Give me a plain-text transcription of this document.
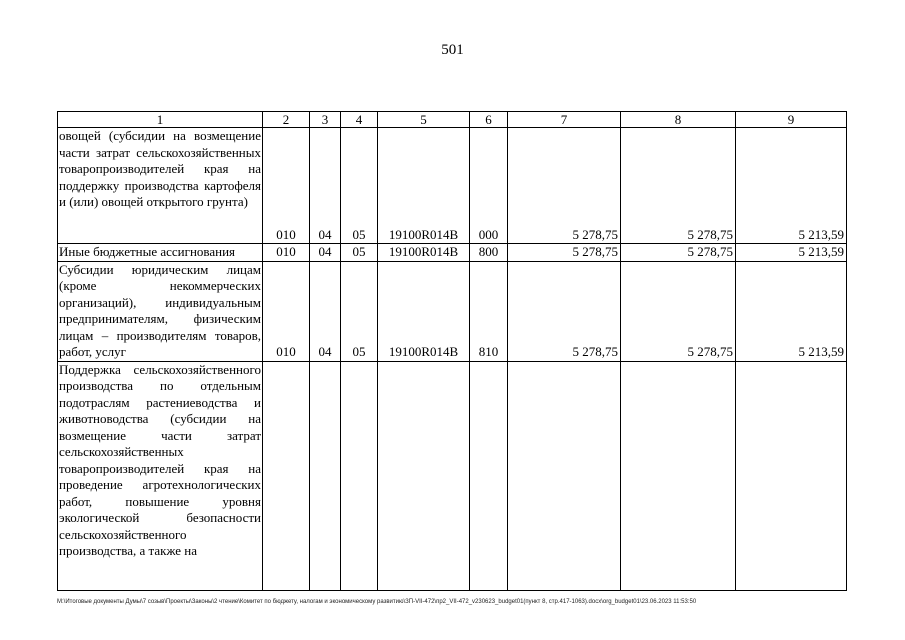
501
1	2	3	4	5	6	7	8	9
овощей (субсидии на возмещение части затрат сельскохозяйственных товаропроизводителей края на поддержку производства картофеля и (или) овощей открытого грунта)	010	04	05	19100R014B	000	5 278,75	5 278,75	5 213,59
Иные бюджетные ассигнования	010	04	05	19100R014B	800	5 278,75	5 278,75	5 213,59
Субсидии юридическим лицам (кроме некоммерческих организаций), индивидуальным предпринимателям, физическим лицам – производителям товаров, работ, услуг	010	04	05	19100R014B	810	5 278,75	5 278,75	5 213,59
Поддержка сельскохозяйственного производства по отдельным подотраслям растениеводства и животноводства (субсидии на возмещение части затрат сельскохозяйственных товаропроизводителей края на проведение агротехнологических работ, повышение уровня экологической безопасности сельскохозяйственного производства, а также на								
М:\Итоговые документы Думы\7 созыв\Проекты\Законы\2 чтение\Комитет по бюджету, налогам и экономическому развитию\ЗП-VII-472\пр2_VII-472_v230623_budget01(пункт 8, стр.417-1063).docx\org_budget01\23.06.2023 11:53:50
